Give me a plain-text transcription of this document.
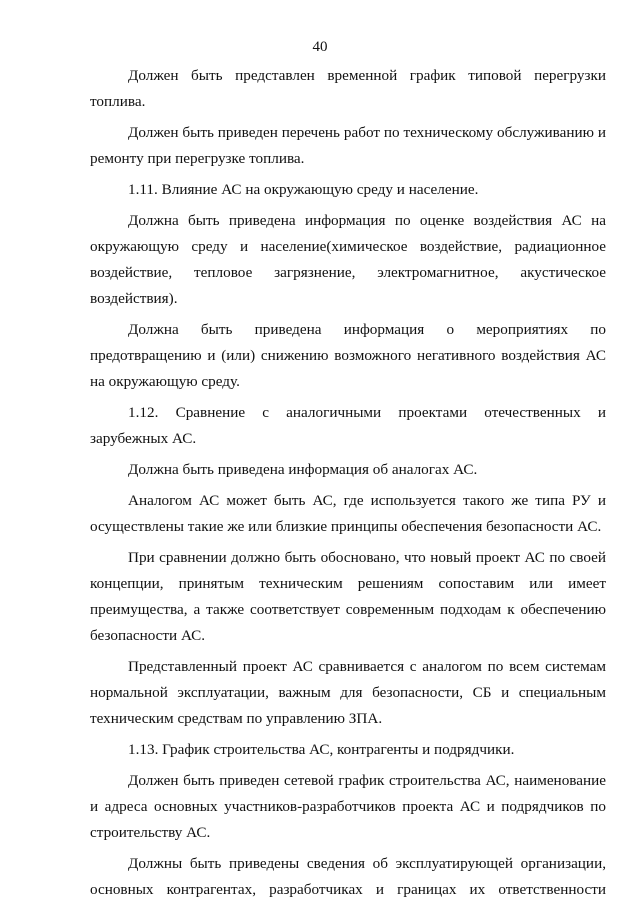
40

Должен быть представлен временной график типовой перегрузки топлива.

Должен быть приведен перечень работ по техническому обслуживанию и ремонту при перегрузке топлива.

1.11. Влияние АС на окружающую среду и население.

Должна быть приведена информация по оценке воздействия АС на окружающую среду и население(химическое воздействие, радиационное воздействие, тепловое загрязнение, электромагнитное, акустическое воздействия).

Должна быть приведена информация о мероприятиях по предотвращению и (или) снижению возможного негативного воздействия АС на окружающую среду.

1.12. Сравнение с аналогичными проектами отечественных и зарубежных АС.

Должна быть приведена информация об аналогах АС.

Аналогом АС может быть АС, где используется такого же типа РУ и осуществлены такие же или близкие принципы обеспечения безопасности АС.

При сравнении должно быть обосновано, что новый проект АС по своей концепции, принятым техническим решениям сопоставим или имеет преимущества, а также соответствует современным подходам к обеспечению безопасности АС.

Представленный проект АС сравнивается с аналогом по всем системам нормальной эксплуатации, важным для безопасности, СБ и специальным техническим средствам по управлению ЗПА.

1.13. График строительства АС, контрагенты и подрядчики.

Должен быть приведен сетевой график строительства АС, наименование и адреса основных участников-разработчиков проекта АС и подрядчиков по строительству АС.

Должны быть приведены сведения об эксплуатирующей организации, основных контрагентах, разработчиках и границах их ответственности
